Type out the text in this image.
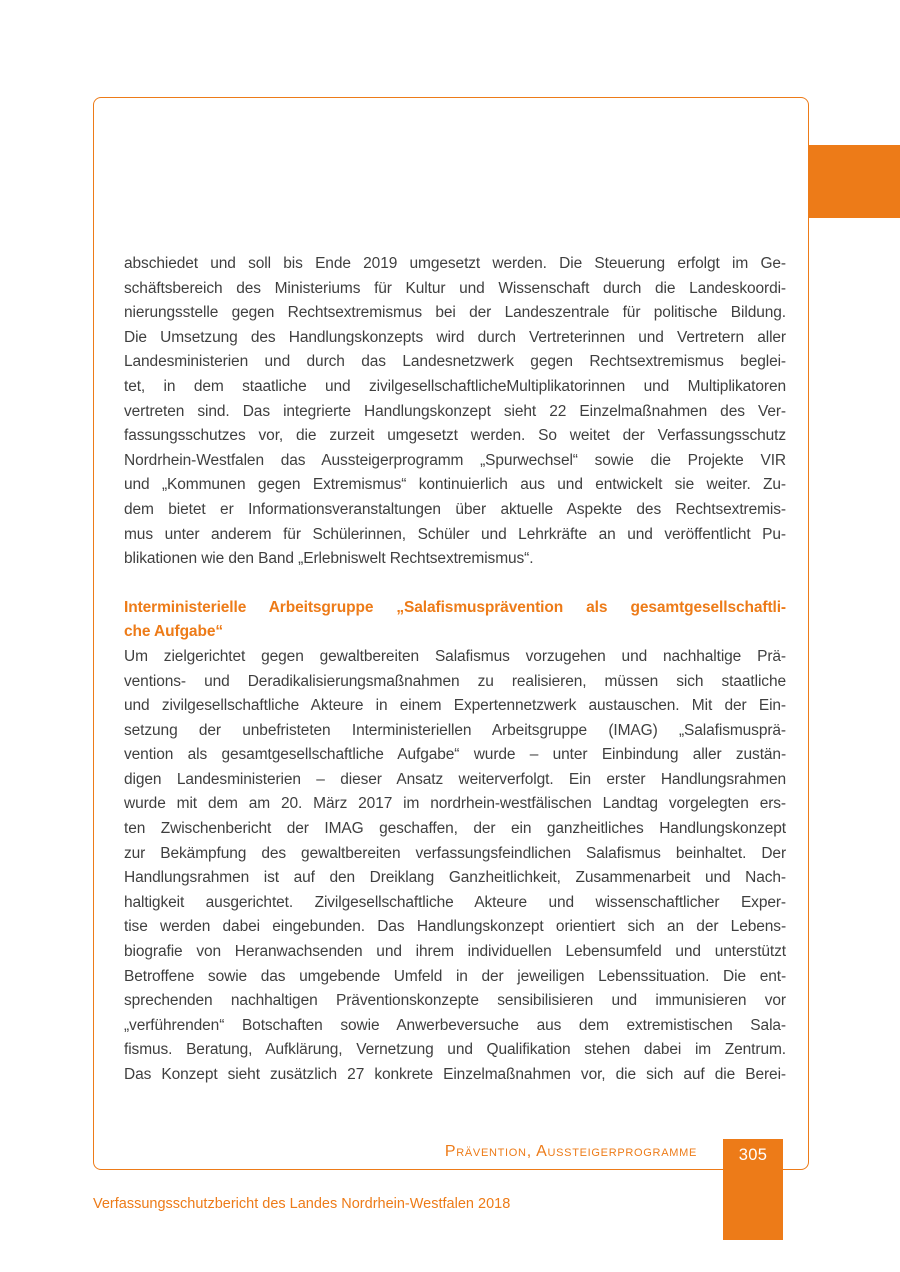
abschiedet und soll bis Ende 2019 umgesetzt werden. Die Steuerung erfolgt im Ge-
schäftsbereich des Ministeriums für Kultur und Wissenschaft durch die Landeskoordi-
nierungsstelle gegen Rechtsextremismus bei der Landeszentrale für politische Bildung.
Die Umsetzung des Handlungskonzepts wird durch Vertreterinnen und Vertretern aller
Landesministerien und durch das Landesnetzwerk gegen Rechtsextremismus beglei-
tet, in dem staatliche und zivilgesellschaftlicheMultiplikatorinnen und Multiplikatoren
vertreten sind. Das integrierte Handlungskonzept sieht 22 Einzelmaßnahmen des Ver-
fassungsschutzes vor, die zurzeit umgesetzt werden. So weitet der Verfassungsschutz
Nordrhein-Westfalen das Aussteigerprogramm „Spurwechsel“ sowie die Projekte VIR
und „Kommunen gegen Extremismus“ kontinuierlich aus und entwickelt sie weiter. Zu-
dem bietet er Informationsveranstaltungen über aktuelle Aspekte des Rechtsextremis-
mus unter anderem für Schülerinnen, Schüler und Lehrkräfte an und veröffentlicht Pu-
blikationen wie den Band „Erlebniswelt Rechtsextremismus“.
Interministerielle Arbeitsgruppe „Salafismusprävention als gesamtgesellschaftli-
che Aufgabe“
Um zielgerichtet gegen gewaltbereiten Salafismus vorzugehen und nachhaltige Prä-
ventions- und Deradikalisierungsmaßnahmen zu realisieren, müssen sich staatliche
und zivilgesellschaftliche Akteure in einem Expertennetzwerk austauschen. Mit der Ein-
setzung der unbefristeten Interministeriellen Arbeitsgruppe (IMAG) „Salafismusprä-
vention als gesamtgesellschaftliche Aufgabe“ wurde – unter Einbindung aller zustän-
digen Landesministerien – dieser Ansatz weiterverfolgt. Ein erster Handlungsrahmen
wurde mit dem am 20. März 2017 im nordrhein-westfälischen Landtag vorgelegten ers-
ten Zwischenbericht der IMAG geschaffen, der ein ganzheitliches Handlungskonzept
zur Bekämpfung des gewaltbereiten verfassungsfeindlichen Salafismus beinhaltet. Der
Handlungsrahmen ist auf den Dreiklang Ganzheitlichkeit, Zusammenarbeit und Nach-
haltigkeit ausgerichtet. Zivilgesellschaftliche Akteure und wissenschaftlicher Exper-
tise werden dabei eingebunden. Das Handlungskonzept orientiert sich an der Lebens-
biografie von Heranwachsenden und ihrem individuellen Lebensumfeld und unterstützt
Betroffene sowie das umgebende Umfeld in der jeweiligen Lebenssituation. Die ent-
sprechenden nachhaltigen Präventionskonzepte sensibilisieren und immunisieren vor
„verführenden“ Botschaften sowie Anwerbeversuche aus dem extremistischen Sala-
fismus. Beratung, Aufklärung, Vernetzung und Qualifikation stehen dabei im Zentrum.
Das Konzept sieht zusätzlich 27 konkrete Einzelmaßnahmen vor, die sich auf die Berei-
Prävention, Aussteigerprogramme	305
Verfassungsschutzbericht des Landes Nordrhein-Westfalen 2018
